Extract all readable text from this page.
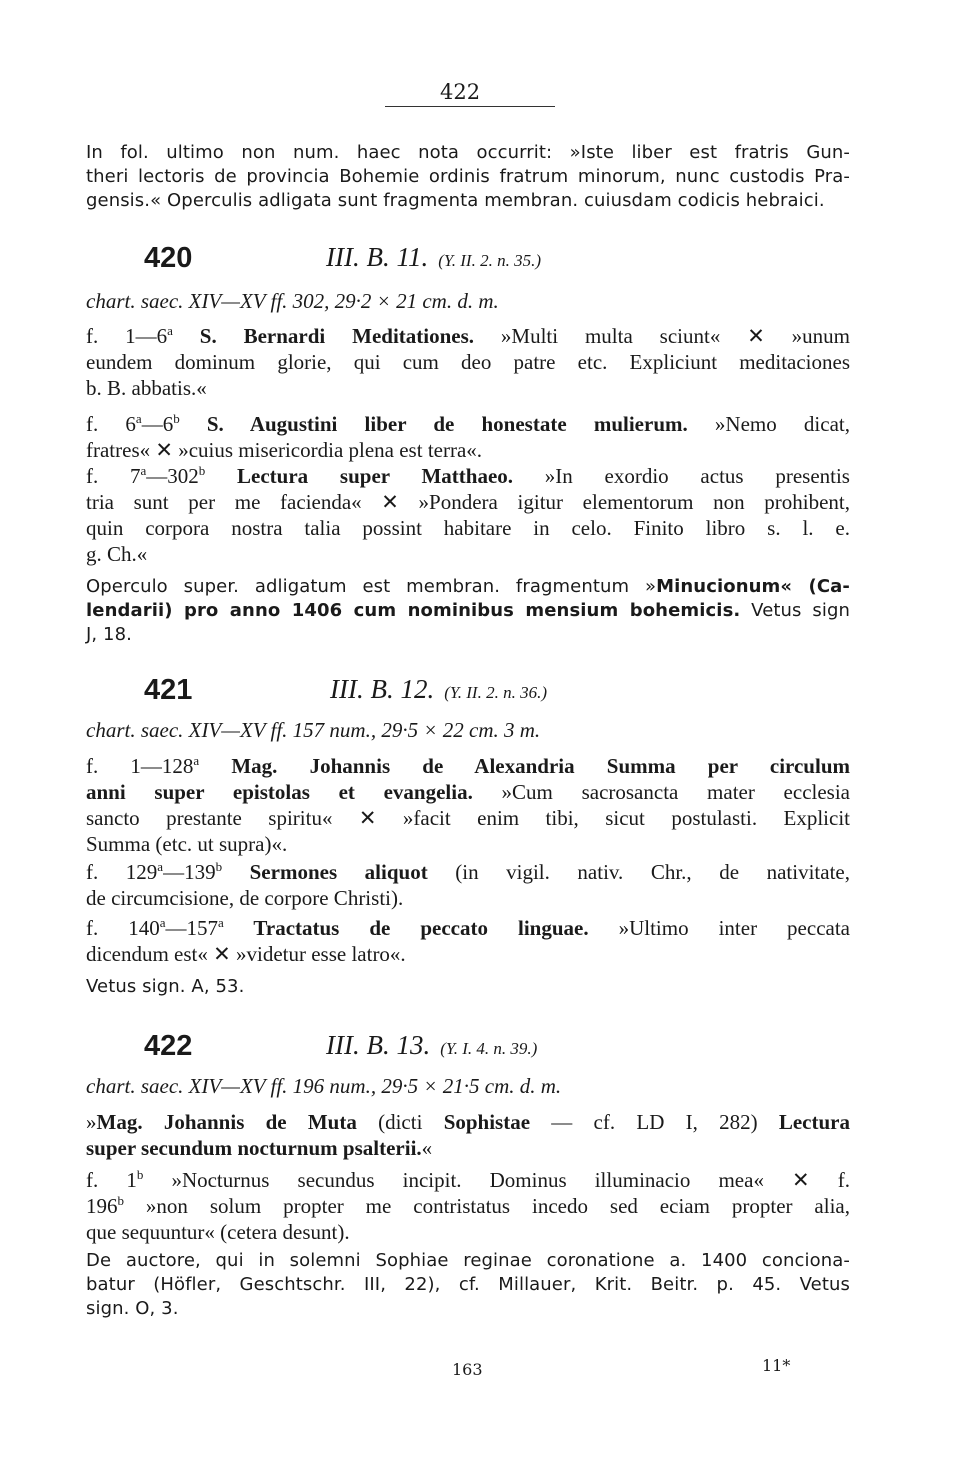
422
In fol. ultimo non num. haec nota occurrit: »Iste liber est fratris Gun-
theri lectoris de provincia Bohemie ordinis fratrum minorum, nunc custodis Pra-
gensis.« Operculis adligata sunt fragmenta membran. cuiusdam codicis hebraici.
420	III. B. 11. (Y. II. 2. n. 35.)
chart. saec. XIV—XV ff. 302, 29·2 × 21 cm. d. m.
f. 1—6$^a$ S. Bernardi Meditationes. »Multi multa sciunt« ✕ »unum
eundem dominum glorie, qui cum deo patre etc. Expliciunt meditaciones
b. B. abbatis.«
f. 6$^a$—6$^b$ S. Augustini liber de honestate mulierum. »Nemo dicat,
fratres« ✕ »cuius misericordia plena est terra«.
f. 7$^a$—302$^b$ Lectura super Matthaeo. »In exordio actus presentis
tria sunt per me facienda« ✕ »Pondera igitur elementorum non prohibent,
quin corpora nostra talia possint habitare in celo. Finito libro s. l. e.
g. Ch.«
Operculo super. adligatum est membran. fragmentum »Minucionum« (Ca-
lendarii) pro anno 1406 cum nominibus mensium bohemicis. Vetus sign
J, 18.
421	III. B. 12. (Y. II. 2. n. 36.)
chart. saec. XIV—XV ff. 157 num., 29·5 × 22 cm. 3 m.
f. 1—128$^a$ Mag. Johannis de Alexandria Summa per circulum
anni super epistolas et evangelia. »Cum sacrosancta mater ecclesia
sancto prestante spiritu« ✕ »facit enim tibi, sicut postulasti. Explicit
Summa (etc. ut supra)«.
f. 129$^a$—139$^b$ Sermones aliquot (in vigil. nativ. Chr., de nativitate,
de circumcisione, de corpore Christi).
f. 140$^a$—157$^a$ Tractatus de peccato linguae. »Ultimo inter peccata
dicendum est« ✕ »videtur esse latro«.
Vetus sign. A, 53.
422	III. B. 13. (Y. I. 4. n. 39.)
chart. saec. XIV—XV ff. 196 num., 29·5 × 21·5 cm. d. m.
»Mag. Johannis de Muta (dicti Sophistae — cf. LD I, 282) Lectura
super secundum nocturnum psalterii.«
f. 1$^b$ »Nocturnus secundus incipit. Dominus illuminacio mea« ✕ f.
196$^b$ »non solum propter me contristatus incedo sed eciam propter alia,
que sequuntur« (cetera desunt).
De auctore, qui in solemni Sophiae reginae coronatione a. 1400 conciona-
batur (Höfler, Geschtschr. III, 22), cf. Millauer, Krit. Beitr. p. 45. Vetus
sign. O, 3.
163	11*
